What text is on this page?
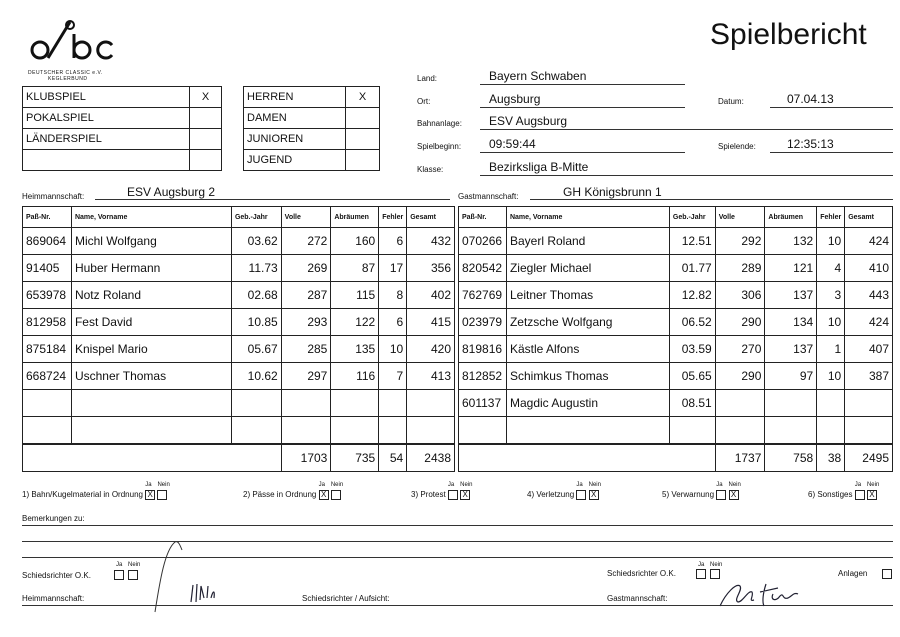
Spielbericht
DEUTSCHER CLASSIC e.V.
KEGLERBUND
KLUBSPIEL	X
POKALSPIEL	
LÄNDERSPIEL	

HERREN	X
DAMEN	
JUNIOREN	
JUGEND	
Land:	Bayern Schwaben
Ort:	Augsburg	Datum:	07.04.13
Bahnanlage: ESV Augsburg
Spielbeginn: 09:59:44	Spielende:	12:35:13
Klasse:	Bezirksliga B-Mitte
Heimmannschaft:	ESV Augsburg 2	Gastmannschaft:	GH Königsbrunn 1
Paß-Nr.	Name, Vorname	Geb.-Jahr	Volle	Abräumen	Fehler	Gesamt
869064	Michl Wolfgang	03.62	272	160	6	432
91405	Huber Hermann	11.73	269	87	17	356
653978	Notz Roland	02.68	287	115	8	402
812958	Fest David	10.85	293	122	6	415
875184	Knispel Mario	05.67	285	135	10	420
668724	Uschner Thomas	10.62	297	116	7	413

			1703	735	54	2438
Paß-Nr.	Name, Vorname	Geb.-Jahr	Volle	Abräumen	Fehler	Gesamt
070266	Bayerl Roland	12.51	292	132	10	424
820542	Ziegler Michael	01.77	289	121	4	410
762769	Leitner Thomas	12.82	306	137	3	443
023979	Zetzsche Wolfgang	06.52	290	134	10	424
819816	Kästle Alfons	03.59	270	137	1	407
812852	Schimkus Thomas	05.65	290	97	10	387
601137	Magdic Augustin	08.51				

			1737	758	38	2495
1) Bahn/Kugelmaterial in Ordnung
Ja
X
Nein
2) Pässe in Ordnung
Ja
X
Nein
3) Protest
Ja
Nein
X	4) Verletzung
Ja
Nein
X	5) Verwarnung
Ja
Nein
X	6) Sonstiges
Ja
Nein
X
Bemerkungen zu:
Schiedsrichter O.K.
Ja Nein
Schiedsrichter O.K.
Ja Nein
Anlagen
Heimmannschaft:	Schiedsrichter / Aufsicht:	Gastmannschaft:
